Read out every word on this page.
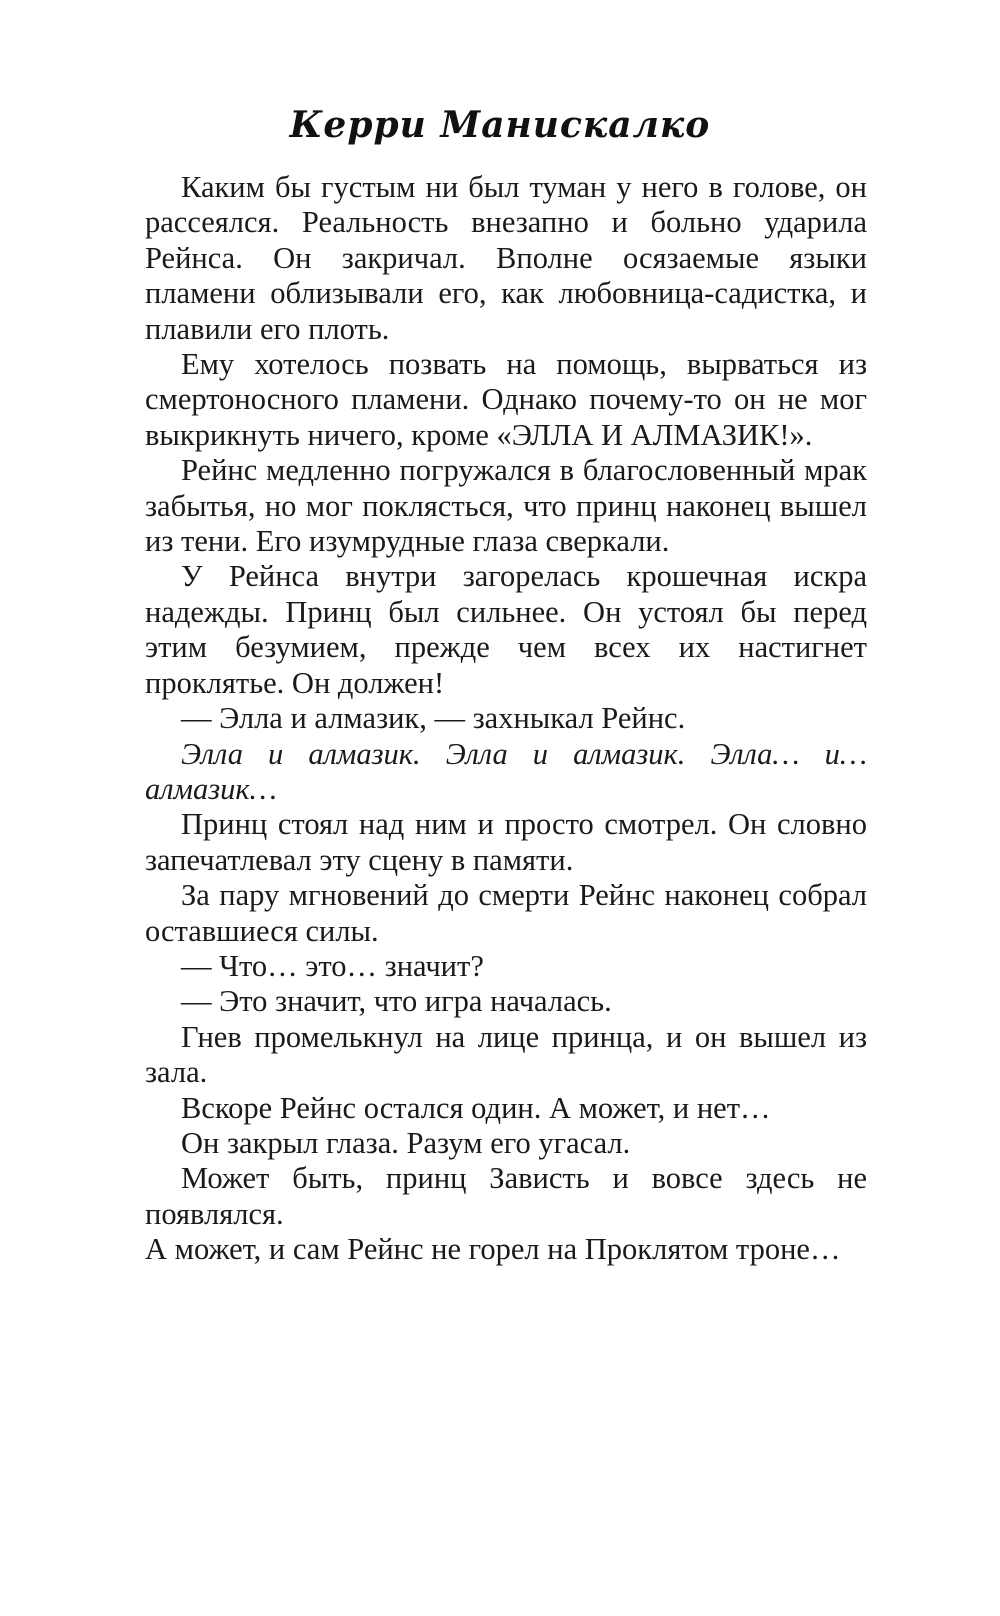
Керри Манискалко

Каким бы густым ни был туман у него в голове, он рассеялся. Реальность внезапно и больно ударила Рейнса. Он закричал. Вполне осязаемые языки пламени облизывали его, как любовница-садистка, и плавили его плоть.

Ему хотелось позвать на помощь, вырваться из смертоносного пламени. Однако почему-то он не мог выкрикнуть ничего, кроме «ЭЛЛА И АЛМАЗИК!».

Рейнс медленно погружался в благословенный мрак забытья, но мог поклясться, что принц наконец вышел из тени. Его изумрудные глаза сверкали.

У Рейнса внутри загорелась крошечная искра надежды. Принц был сильнее. Он устоял бы перед этим безумием, прежде чем всех их настигнет проклятье. Он должен!

— Элла и алмазик, — захныкал Рейнс.

Элла и алмазик. Элла и алмазик. Элла… и… алмазик…

Принц стоял над ним и просто смотрел. Он словно запечатлевал эту сцену в памяти.

За пару мгновений до смерти Рейнс наконец собрал оставшиеся силы.

— Что… это… значит?

— Это значит, что игра началась.

Гнев промелькнул на лице принца, и он вышел из зала.

Вскоре Рейнс остался один. А может, и нет…

Он закрыл глаза. Разум его угасал.

Может быть, принц Зависть и вовсе здесь не появлялся.

А может, и сам Рейнс не горел на Проклятом троне…
